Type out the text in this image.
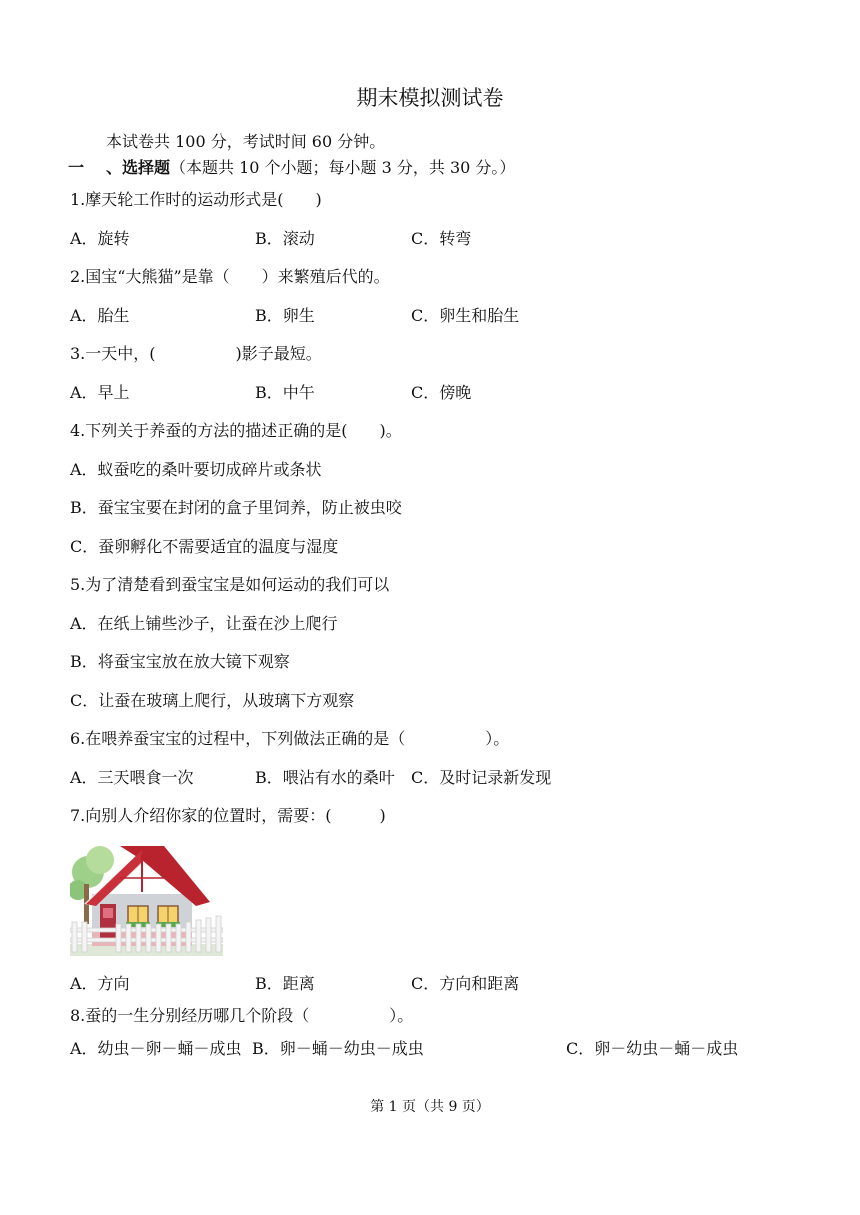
期末模拟测试卷
本试卷共 100 分，考试时间 60 分钟。
一 、选择题（本题共 10 个小题；每小题 3 分，共 30 分。）
1.摩天轮工作时的运动形式是(　　)
A．旋转	B．滚动	C．转弯
2.国宝“大熊猫”是靠（　　）来繁殖后代的。
A．胎生	B．卵生	C．卵生和胎生
3.一天中，(　　　　　)影子最短。
A．早上	B．中午	C．傍晚
4.下列关于养蚕的方法的描述正确的是(　　)。
A．蚁蚕吃的桑叶要切成碎片或条状
B．蚕宝宝要在封闭的盒子里饲养，防止被虫咬
C．蚕卵孵化不需要适宜的温度与湿度
5.为了清楚看到蚕宝宝是如何运动的我们可以
A．在纸上铺些沙子，让蚕在沙上爬行
B．将蚕宝宝放在放大镜下观察
C．让蚕在玻璃上爬行，从玻璃下方观察
6.在喂养蚕宝宝的过程中，下列做法正确的是（　　　　　）。
A．三天喂食一次	B．喂沾有水的桑叶 C．及时记录新发现
7.向别人介绍你家的位置时，需要：(　　　)
A．方向	B．距离	C．方向和距离
8.蚕的一生分别经历哪几个阶段（　　　　　）。
A．幼虫－卵－蛹－成虫 B．卵－蛹－幼虫－成虫	C．卵－幼虫－蛹－成虫
第 1 页（共 9 页）
